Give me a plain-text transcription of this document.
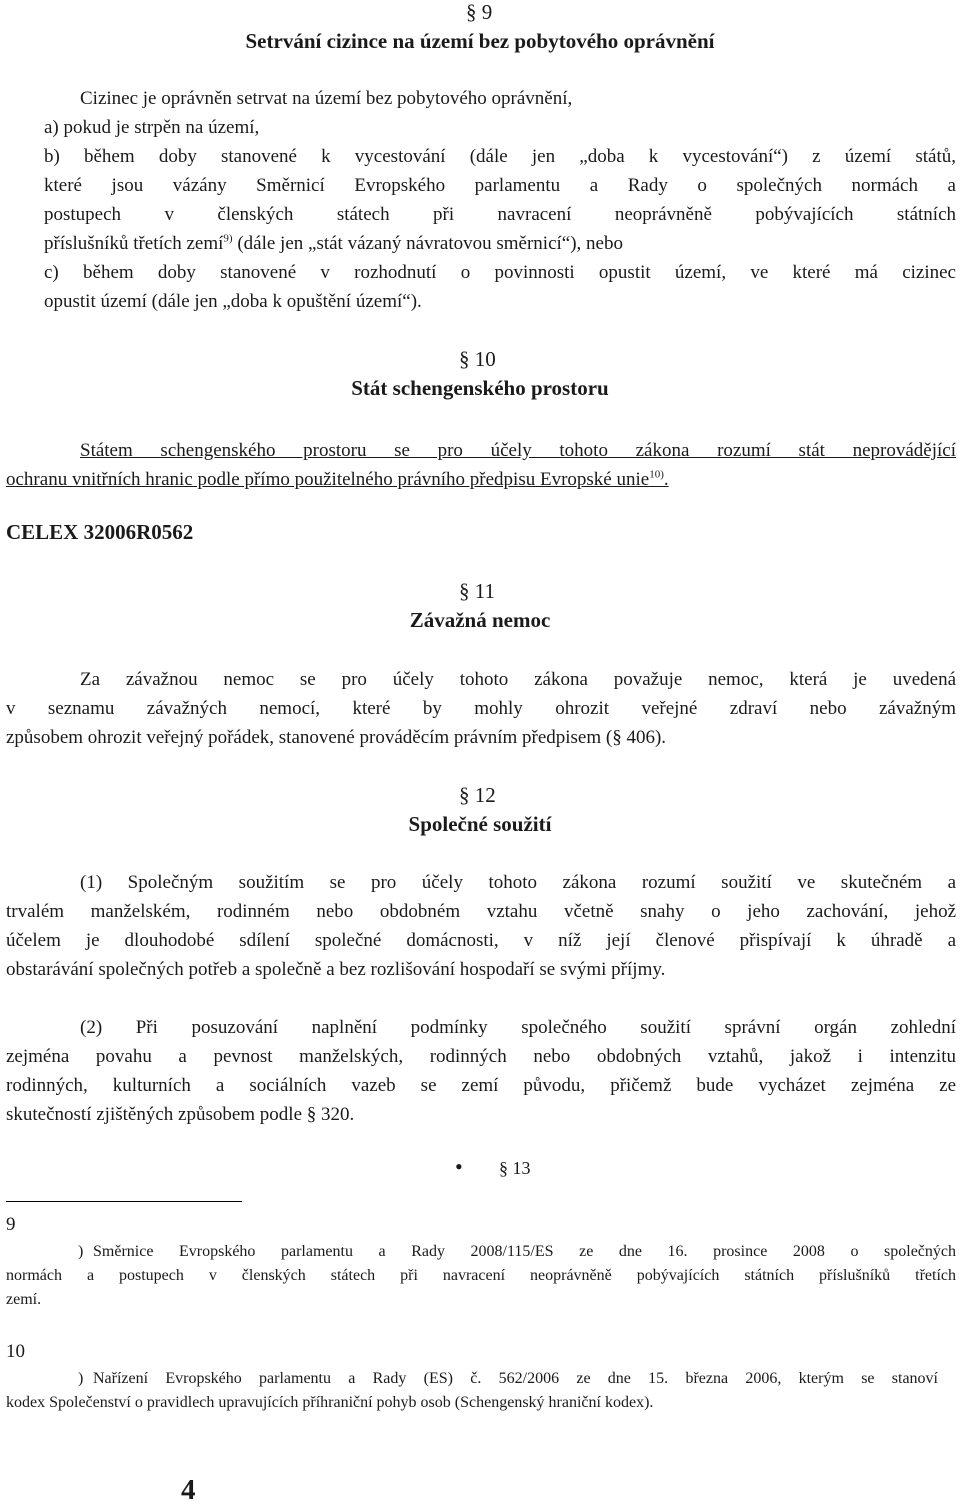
§ 9
Setrvání cizince na území bez pobytového oprávnění
Cizinec je oprávněn setrvat na území bez pobytového oprávnění,
a) pokud je strpěn na území,
b) během doby stanovené k vycestování (dále jen „doba k vycestování“) z území států,
které jsou vázány Směrnicí Evropského parlamentu a Rady o společných normách a
postupech v členských státech při navracení neoprávněně pobývajících státních
příslušníků třetích zemí$^{9)}$ (dále jen „stát vázaný návratovou směrnicí“), nebo
c) během doby stanovené v rozhodnutí o povinnosti opustit území, ve které má cizinec
opustit území (dále jen „doba k opuštění území“).
§ 10
Stát schengenského prostoru
Státem schengenského prostoru se pro účely tohoto zákona rozumí stát neprovádějící
ochranu vnitřních hranic podle přímo použitelného právního předpisu Evropské unie$^{10)}$.
CELEX 32006R0562
§ 11
Závažná nemoc
Za závažnou nemoc se pro účely tohoto zákona považuje nemoc, která je uvedená
v seznamu závažných nemocí, které by mohly ohrozit veřejné zdraví nebo závažným
způsobem ohrozit veřejný pořádek, stanovené prováděcím právním předpisem (§ 406).
§ 12
Společné soužití
(1) Společným soužitím se pro účely tohoto zákona rozumí soužití ve skutečném a
trvalém manželském, rodinném nebo obdobném vztahu včetně snahy o jeho zachování, jehož
účelem je dlouhodobé sdílení společné domácnosti, v níž její členové přispívají k úhradě a
obstarávání společných potřeb a společně a bez rozlišování hospodaří se svými příjmy.
(2) Při posuzování naplnění podmínky společného soužití správní orgán zohlední
zejména povahu a pevnost manželských, rodinných nebo obdobných vztahů, jakož i intenzitu
rodinných, kulturních a sociálních vazeb se zemí původu, přičemž bude vycházet zejména ze
skutečností zjištěných způsobem podle § 320.
• § 13
9
) Směrnice Evropského parlamentu a Rady 2008/115/ES ze dne 16. prosince 2008 o společných
normách a postupech v členských státech při navracení neoprávněně pobývajících státních příslušníků třetích
zemí.
10
) Nařízení Evropského parlamentu a Rady (ES) č. 562/2006 ze dne 15. března 2006, kterým se stanoví
kodex Společenství o pravidlech upravujících příhraniční pohyb osob (Schengenský hraniční kodex).
4
